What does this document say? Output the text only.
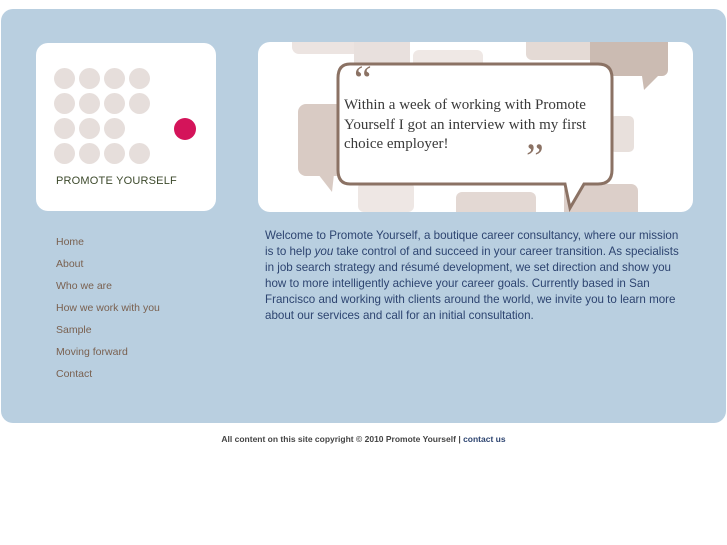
PROMOTE YOURSELF
“
”
Within a week of working with Promote Yourself I got an interview with my first choice employer!
Home
About
Who we are
How we work with you
Sample
Moving forward
Contact
Welcome to Promote Yourself, a boutique career consultancy, where our mission is to help you take control of and succeed in your career transition. As specialists in job search strategy and résumé development, we set direction and show you how to more intelligently achieve your career goals. Currently based in San Francisco and working with clients around the world, we invite you to learn more about our services and call for an initial consultation.
All content on this site copyright © 2010 Promote Yourself | contact us
